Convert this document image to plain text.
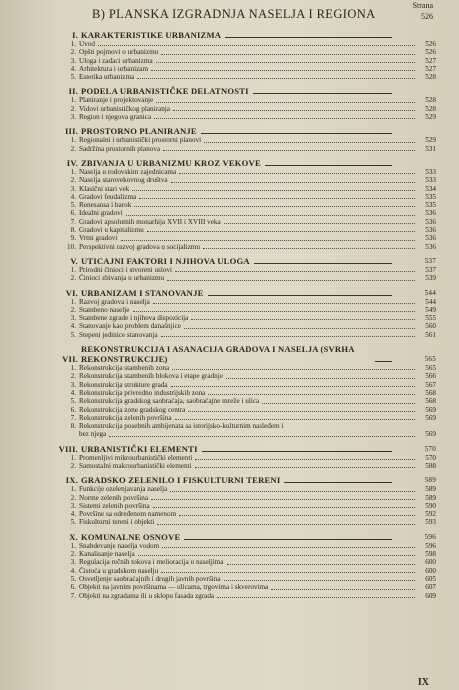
B) PLANSKA IZGRADNJA NASELJA I REGIONA
Strana
526
I. KARAKTERISTIKE URBANIZMA
1. Uvod	526
2. Opšti pojmovi o urbanizmu	526
3. Uloga i zadaci urbanizma	527
4. Arhitektura i urbanizam	527
5. Estetika urbanizma	528
II. PODELA URBANISTIČKE DELATNOSTI
1. Planiranje i projektovanje	528
2. Vidovi urbanističkog planiranja	528
3. Region i njegova granica	529
III. PROSTORNO PLANIRANJE
1. Regionalni i urbanistički prostorni planovi	529
2. Sadržina prostornih planova	531
IV. ZBIVANJA U URBANIZMU KROZ VEKOVE
1. Naselja u rodovskim zajednicama	533
2. Naselja starovekovnog društva	533
3. Klasični stari vek	534
4. Gradovi feudalizma	535
5. Renesansa i barok	535
6. Idealni gradovi	536
7. Gradovi apsolutnih monarhija XVII i XVIII veka	536
8. Gradovi u kapitalizmu	536
9. Vrtni gradovi	536
10. Perspektivni razvoj gradova u socijalizmu	536
V. UTICAJNI FAKTORI I NJIHOVA ULOGA	537
1. Prirodni činioci i stvoreni uslovi	537
2. Činioci zbivanja u urbanizmu	539
VI. URBANIZAM I STANOVANJE	544
1. Razvoj gradova i naselja	544
2. Stambeno naselje	549
3. Stambene zgrade i njihova dispozicija	555
4. Stanovanje kao problem današnjice	560
5. Stepeni jedinice stanovanja	561
VII.
REKONSTRUKCIJA I ASANACIJA GRADOVA I NASELJA (SVRHA REKONSTRUKCIJE)	565
1. Rekonstrukcija stambenih zona	565
2. Rekonstrukcija stambenih blokova i etape gradnje	566
3. Rekonstrukcija strukture grada	567
4. Rekonstrukcija privredno industrijskih zona	568
5. Rekonstrukcija gradskog saobraćaja, saobraćajne mreže i ulica	568
6. Rekonstrukcija zone gradskog centra	569
7. Rekonstrukcija zelenih površina	569
8. Rekonstrukcija posebnih ambijenata sa istorijsko-kulturnim nasleđem i
bez njega	569
VIII. URBANISTIČKI ELEMENTI	570
1. Promenljivi mikrourbanistički elementi	570
2. Samostalni makrourbanistički elementi	588
IX. GRADSKO ZELENILO I FISKULTURNI TERENI	589
1. Funkcije ozelenjavanja naselja	589
2. Norme zelenih površina	589
3. Sistemi zelenih površina	590
4. Površine sa određenom namenom	592
5. Fiskulturni tereni i objekti	593
X. KOMUNALNE OSNOVE	596
1. Snabdevanje naselja vodom	596
2. Kanalisanje naselja	598
3. Regulacija rečnih tokova i melioracija u naseljima	600
4. Čistoća u gradskom naselju	600
5. Osvetljenje saobraćajnih i drugih javnih površina	605
6. Objekti na javnim površinama — ulicama, trgovima i skverovima	607
7. Objekti na zgradama ili u sklopu fasada zgrada	609
IX
